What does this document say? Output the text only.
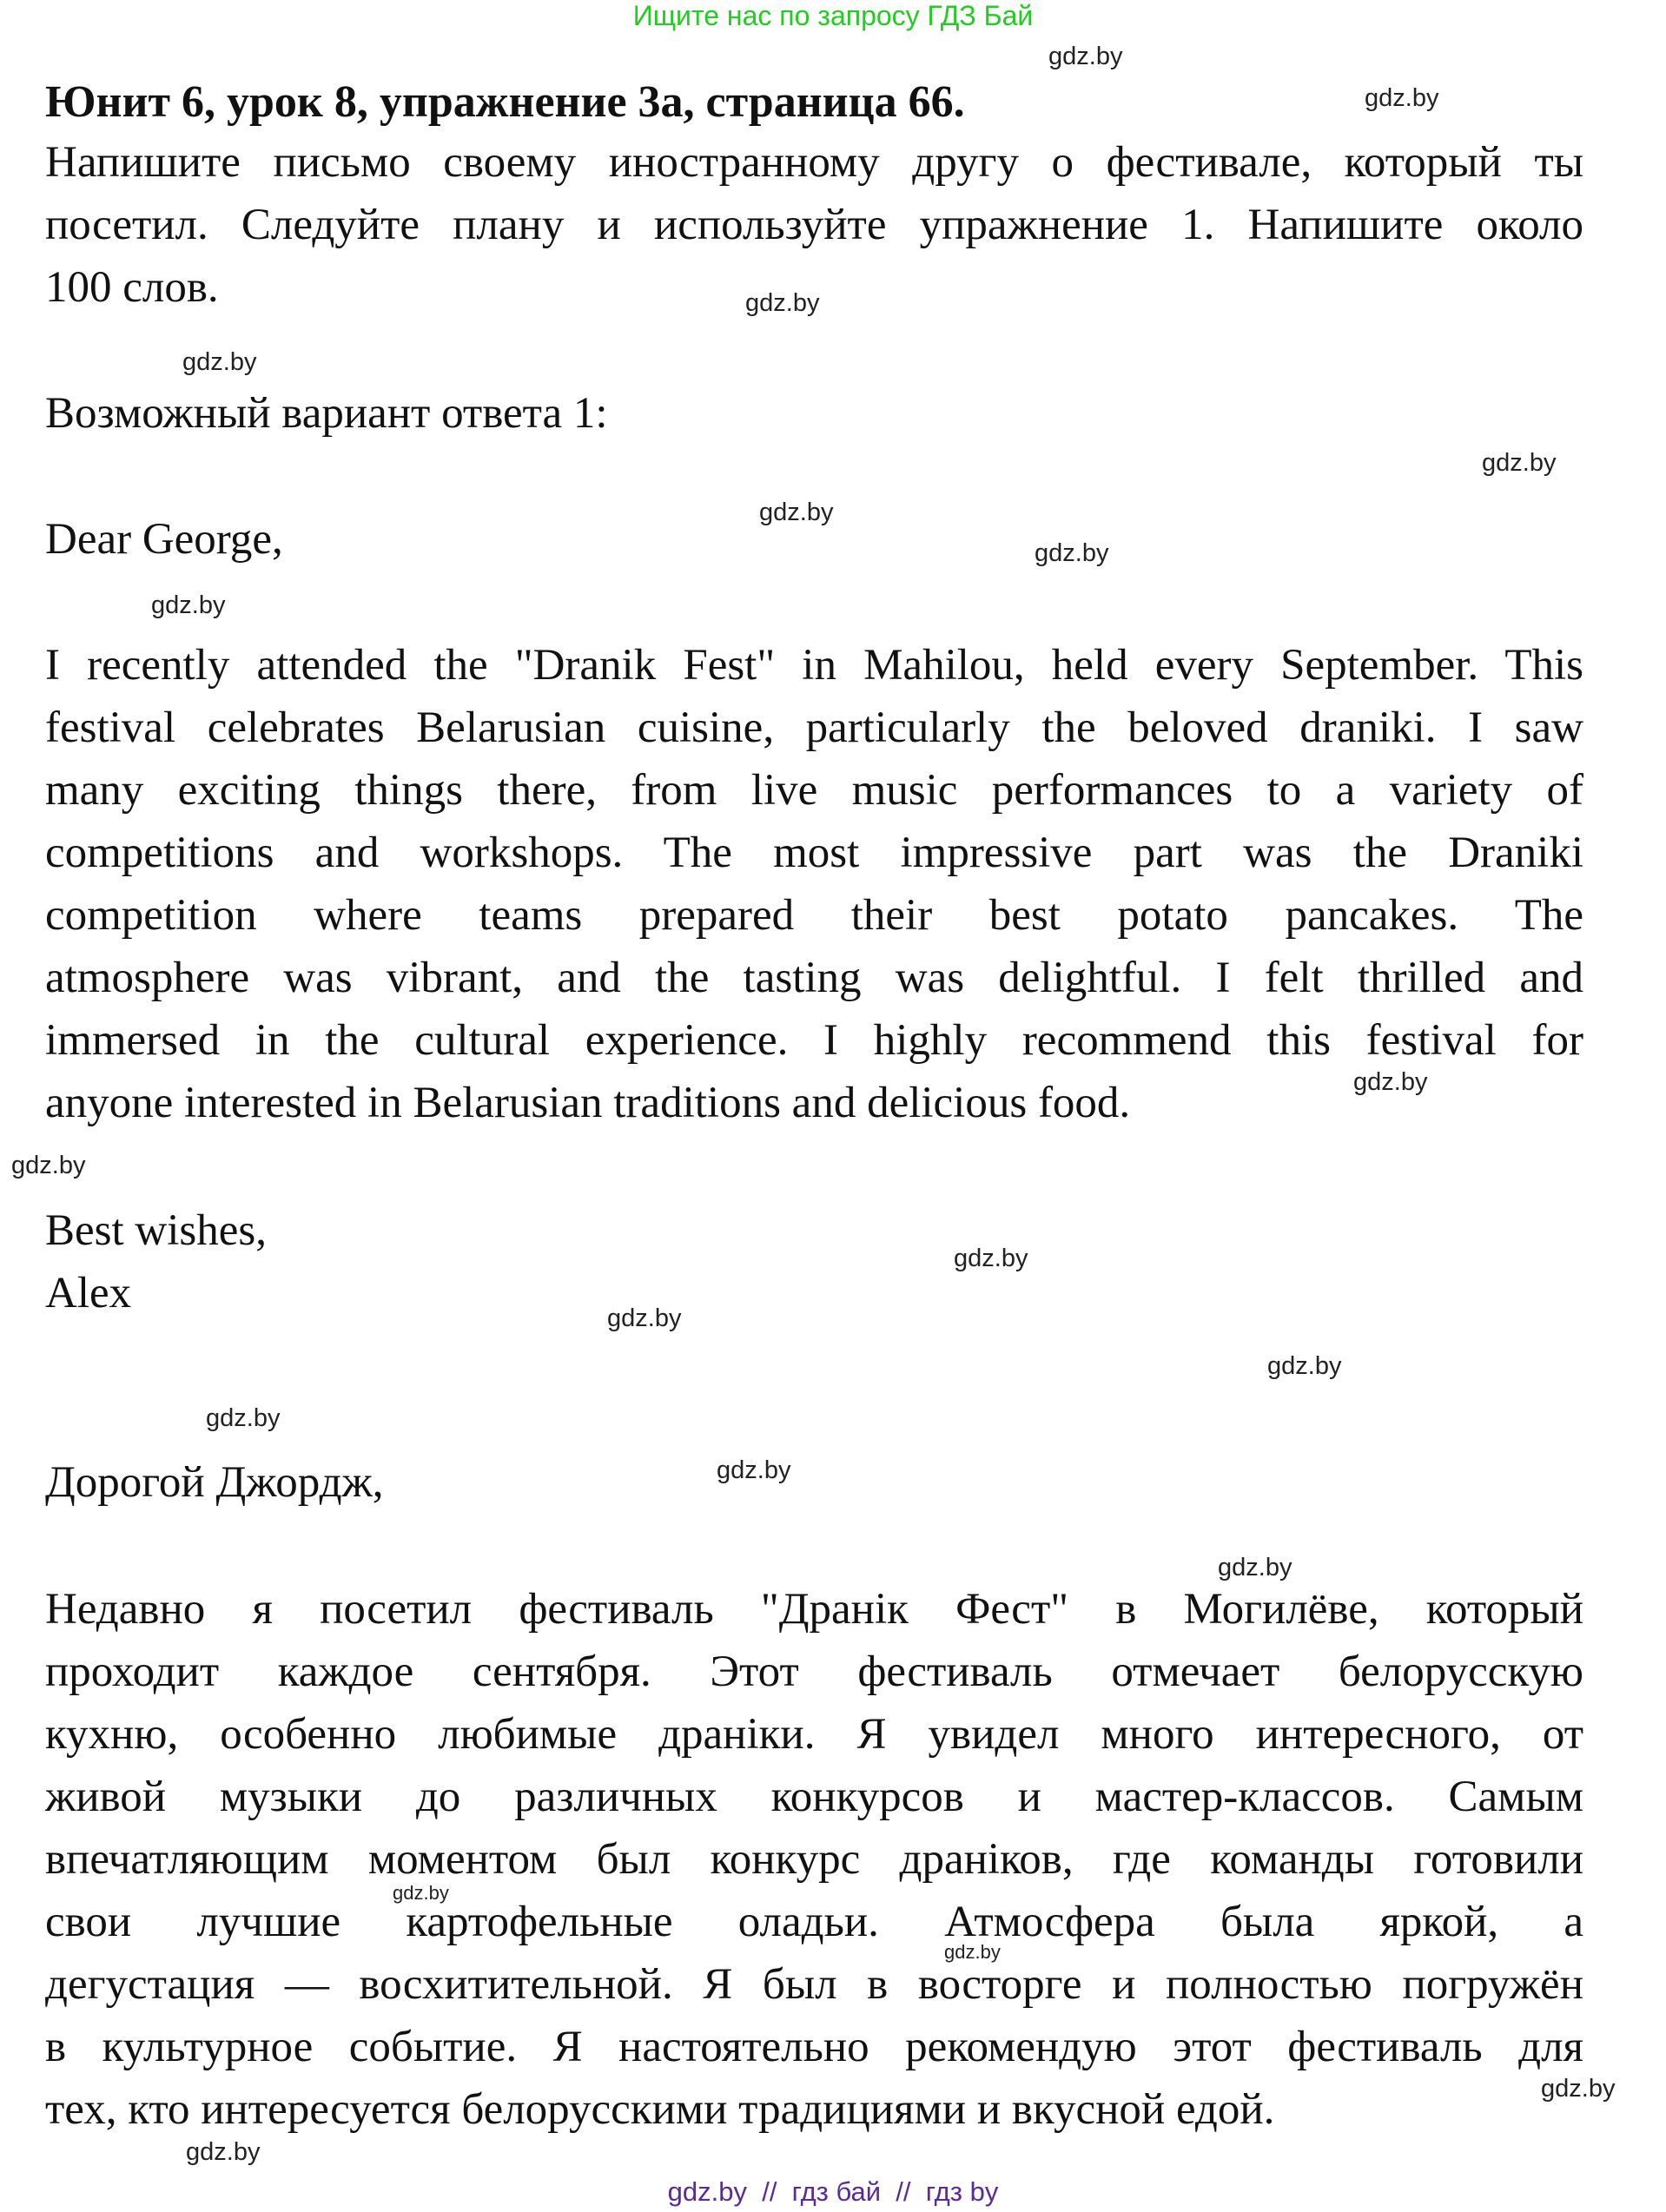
Ищите нас по запросу ГДЗ Бай
Юнит 6, урок 8, упражнение 3а, страница 66.
Напишите письмо своему иностранному другу о фестивале, который ты
посетил. Следуйте плану и используйте упражнение 1. Напишите около
100 слов.
Возможный вариант ответа 1:
Dear George,
I recently attended the "Dranik Fest" in Mahilou, held every September. This
festival celebrates Belarusian cuisine, particularly the beloved draniki. I saw
many exciting things there, from live music performances to a variety of
competitions and workshops. The most impressive part was the Draniki
competition where teams prepared their best potato pancakes. The
atmosphere was vibrant, and the tasting was delightful. I felt thrilled and
immersed in the cultural experience. I highly recommend this festival for
anyone interested in Belarusian traditions and delicious food.
Best wishes,
Alex
Дорогой Джордж,
Недавно я посетил фестиваль "Дранік Фест" в Могилёве, который
проходит каждое сентября. Этот фестиваль отмечает белорусскую
кухню, особенно любимые драніки. Я увидел много интересного, от
живой музыки до различных конкурсов и мастер-классов. Самым
впечатляющим моментом был конкурс драніков, где команды готовили
свои лучшие картофельные оладьи. Атмосфера была яркой, а
дегустация — восхитительной. Я был в восторге и полностью погружён
в культурное событие. Я настоятельно рекомендую этот фестиваль для
тех, кто интересуется белорусскими традициями и вкусной едой.
gdz.by
gdz.by
gdz.by
gdz.by
gdz.by
gdz.by
gdz.by
gdz.by
gdz.by
gdz.by
gdz.by
gdz.by
gdz.by
gdz.by
gdz.by
gdz.by
gdz.by
gdz.by
gdz.by
gdz.by
gdz.by  //  гдз бай  //  гдз by
